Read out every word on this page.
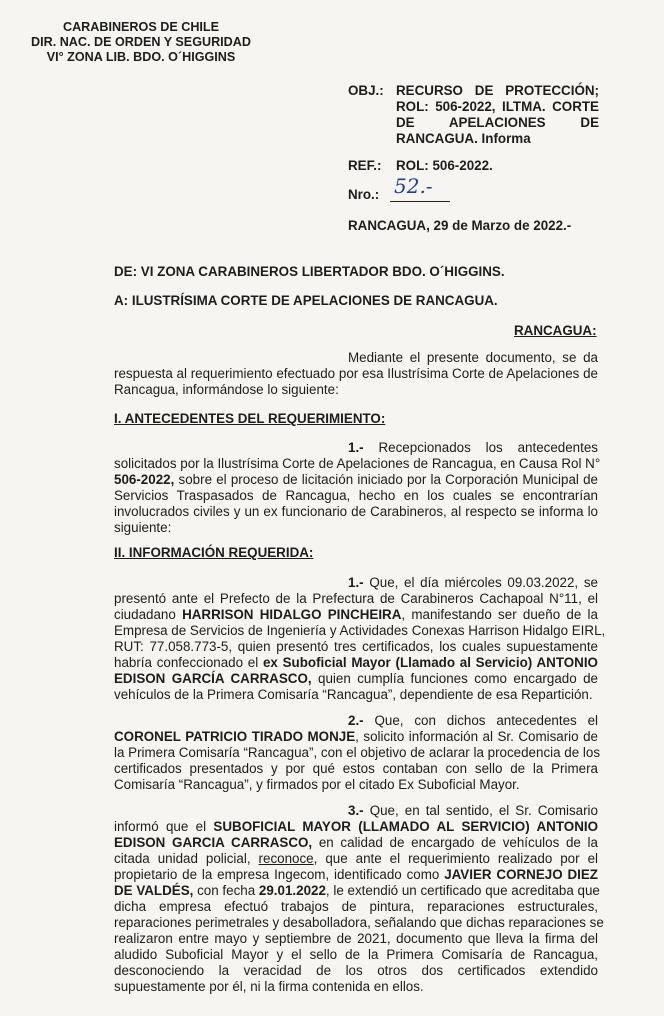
CARABINEROS DE CHILE
DIR. NAC. DE ORDEN Y SEGURIDAD
VI° ZONA LIB. BDO. O´HIGGINS
OBJ.: RECURSO DE PROTECCIÓN;
ROL: 506-2022, ILTMA. CORTE
DE APELACIONES DE
RANCAGUA. Informa
REF.: ROL: 506-2022.
Nro.: 52.-
RANCAGUA, 29 de Marzo de 2022.-
DE: VI ZONA CARABINEROS LIBERTADOR BDO. O´HIGGINS.
A: ILUSTRÍSIMA CORTE DE APELACIONES DE RANCAGUA.
RANCAGUA:
Mediante el presente documento, se da
respuesta al requerimiento efectuado por esa Ilustrísima Corte de Apelaciones de
Rancagua, informándose lo siguiente:
I. ANTECEDENTES DEL REQUERIMIENTO:
1.- Recepcionados los antecedentes
solicitados por la Ilustrísima Corte de Apelaciones de Rancagua, en Causa Rol N°
506-2022, sobre el proceso de licitación iniciado por la Corporación Municipal de
Servicios Traspasados de Rancagua, hecho en los cuales se encontrarían
involucrados civiles y un ex funcionario de Carabineros, al respecto se informa lo
siguiente:
II. INFORMACIÓN REQUERIDA:
1.- Que, el día miércoles 09.03.2022, se
presentó ante el Prefecto de la Prefectura de Carabineros Cachapoal N°11, el
ciudadano HARRISON HIDALGO PINCHEIRA, manifestando ser dueño de la
Empresa de Servicios de Ingeniería y Actividades Conexas Harrison Hidalgo EIRL,
RUT: 77.058.773-5, quien presentó tres certificados, los cuales supuestamente
habría confeccionado el ex Suboficial Mayor (Llamado al Servicio) ANTONIO
EDISON GARCÍA CARRASCO, quien cumplía funciones como encargado de
vehículos de la Primera Comisaría “Rancagua”, dependiente de esa Repartición.
2.- Que, con dichos antecedentes el
CORONEL PATRICIO TIRADO MONJE, solicito información al Sr. Comisario de
la Primera Comisaría “Rancagua”, con el objetivo de aclarar la procedencia de los
certificados presentados y por qué estos contaban con sello de la Primera
Comisaría “Rancagua”, y firmados por el citado Ex Suboficial Mayor.
3.- Que, en tal sentido, el Sr. Comisario
informó que el SUBOFICIAL MAYOR (LLAMADO AL SERVICIO) ANTONIO
EDISON GARCIA CARRASCO, en calidad de encargado de vehículos de la
citada unidad policial, reconoce, que ante el requerimiento realizado por el
propietario de la empresa Ingecom, identificado como JAVIER CORNEJO DIEZ
DE VALDÉS, con fecha 29.01.2022, le extendió un certificado que acreditaba que
dicha empresa efectuó trabajos de pintura, reparaciones estructurales,
reparaciones perimetrales y desabolladora, señalando que dichas reparaciones se
realizaron entre mayo y septiembre de 2021, documento que lleva la firma del
aludido Suboficial Mayor y el sello de la Primera Comisaría de Rancagua,
desconociendo la veracidad de los otros dos certificados extendido
supuestamente por él, ni la firma contenida en ellos.
